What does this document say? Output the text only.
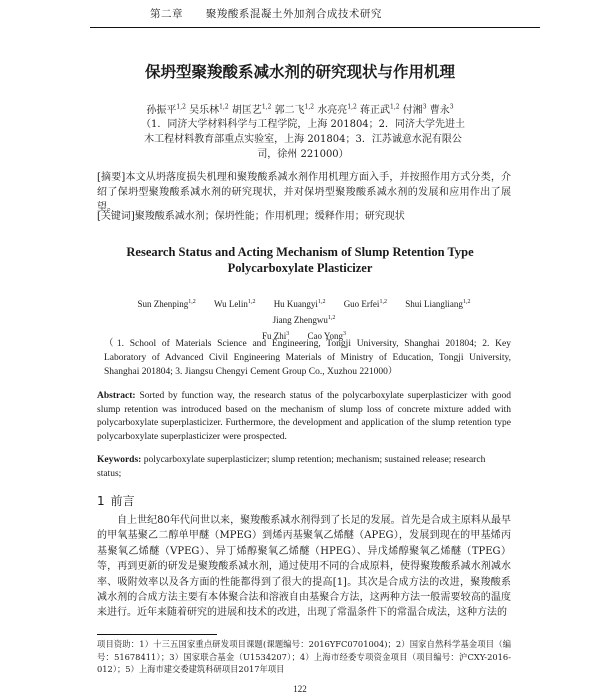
第二章 聚羧酸系混凝土外加剂合成技术研究
保坍型聚羧酸系减水剂的研究现状与作用机理
孙振平$^{1,2}$ 吴乐林$^{1,2}$ 胡匡艺$^{1,2}$ 郭二飞$^{1,2}$ 水亮亮$^{1,2}$ 蒋正武$^{1,2}$ 付湘$^3$ 曹永$^3$
（1．同济大学材料科学与工程学院，上海 201804；2．同济大学先进土木工程材料教育部重点实验室，上海 201804；3．江苏诚意水泥有限公司，徐州 221000）
[摘要]本文从坍落度损失机理和聚羧酸系减水剂作用机理方面入手，并按照作用方式分类，介绍了保坍型聚羧酸系减水剂的研究现状，并对保坍型聚羧酸系减水剂的发展和应用作出了展望。
[关键词]聚羧酸系减水剂；保坍性能；作用机理；缓释作用；研究现状
Research Status and Acting Mechanism of Slump Retention Type Polycarboxylate Plasticizer
Sun Zhenping$^{1,2}$ Wu Lelin$^{1,2}$ Hu Kuangyi$^{1,2}$ Guo Erfei$^{1,2}$ Shui Liangliang$^{1,2}$ Jiang Zhengwu$^{1,2}$
Fu Zhi$^3$ Cao Yong$^3$
（1. School of Materials Science and Engineering, Tongji University, Shanghai 201804; 2. Key Laboratory of Advanced Civil Engineering Materials of Ministry of Education, Tongji University, Shanghai 201804; 3. Jiangsu Chengyi Cement Group Co., Xuzhou 221000）
Abstract: Sorted by function way, the research status of the polycarboxylate superplasticizer with good slump retention was introduced based on the mechanism of slump loss of concrete mixture added with polycarboxylate superplasticizer. Furthermore, the development and application of the slump retention type polycarboxylate superplasticizer were prospected.
Keywords: polycarboxylate superplasticizer; slump retention; mechanism; sustained release; research status;
1 前言
自上世纪80年代问世以来，聚羧酸系减水剂得到了长足的发展。首先是合成主原料从最早的甲氧基聚乙二醇单甲醚（MPEG）到烯丙基聚氧乙烯醚（APEG），发展到现在的甲基烯丙基聚氧乙烯醚（VPEG）、异丁烯醇聚氧乙烯醚（HPEG）、异戊烯醇聚氧乙烯醚（TPEG）等，再到更新的研发是聚羧酸系减水剂，通过使用不同的合成原料，使得聚羧酸系减水剂减水率、吸附效率以及各方面的性能都得到了很大的提高[1]。其次是合成方法的改进，聚羧酸系减水剂的合成方法主要有本体聚合法和溶液自由基聚合方法，这两种方法一般需要较高的温度来进行。近年来随着研究的进展和技术的改进，出现了常温条件下的常温合成法，这种方法的
项目资助：1）十三五国家重点研发项目课题(课题编号：2016YFC0701004)；2）国家自然科学基金项目（编号：51678411）；3）国家联合基金（U1534207）；4）上海市经委专项资金项目（项目编号：沪CXY-2016-012）；5）上海市建交委建筑科研项目2017年项目
122
